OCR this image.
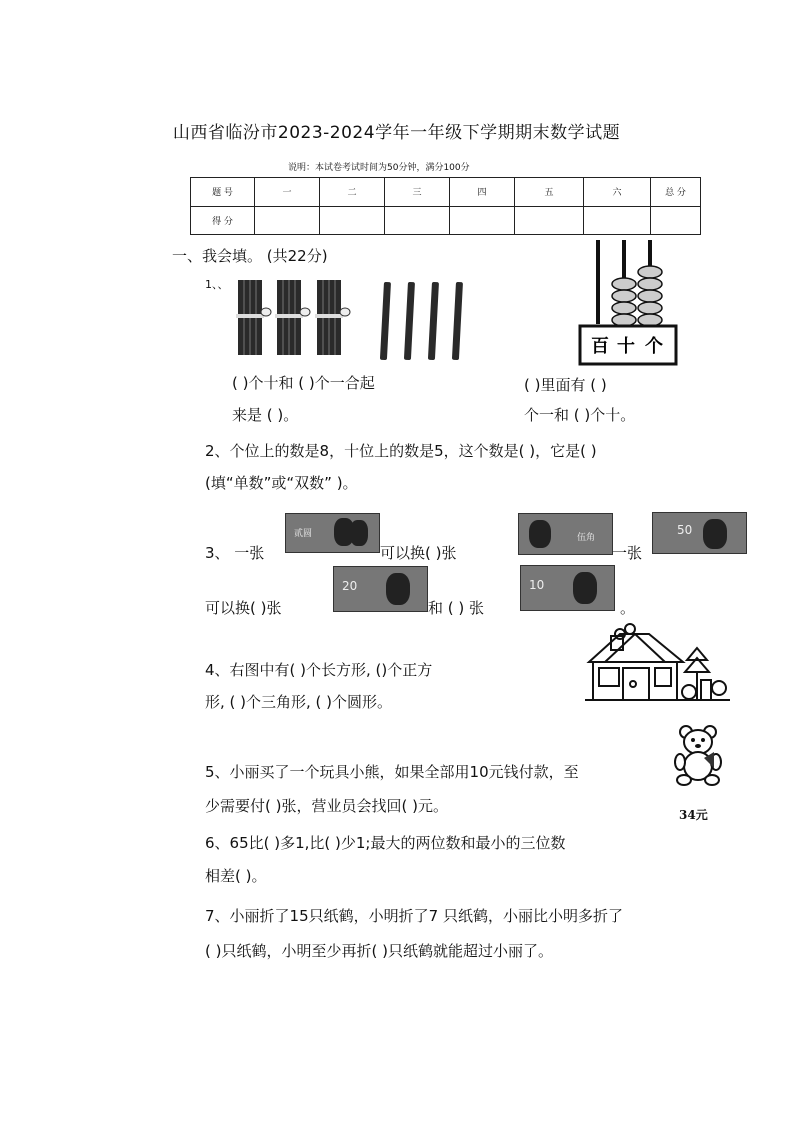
山西省临汾市2023-2024学年一年级下学期期末数学试题
说明：本试卷考试时间为50分钟，满分100分
题 号	一	二	三	四	五	六	总 分
得 分							
一、我会填。 (共22分)
1、、
百 十 个
( )个十和 ( )个一合起
来是 ( )。
( )里面有 ( )
个一和 ( )个十。
2、个位上的数是8，十位上的数是5，这个数是( )，它是( )
(填“单数”或“双数” )。
3、 一张
贰圆
可以换( )张
伍角
一张
50
可以换( )张
20
和 ( ) 张
10
。
4、右图中有( )个长方形, ()个正方
形, ( )个三角形, ( )个圆形。
5、小丽买了一个玩具小熊，如果全部用10元钱付款，至
少需要付( )张，营业员会找回( )元。	34元
6、65比( )多1,比( )少1;最大的两位数和最小的三位数
相差( )。
7、小丽折了15只纸鹤，小明折了7 只纸鹤，小丽比小明多折了
( )只纸鹤，小明至少再折( )只纸鹤就能超过小丽了。
